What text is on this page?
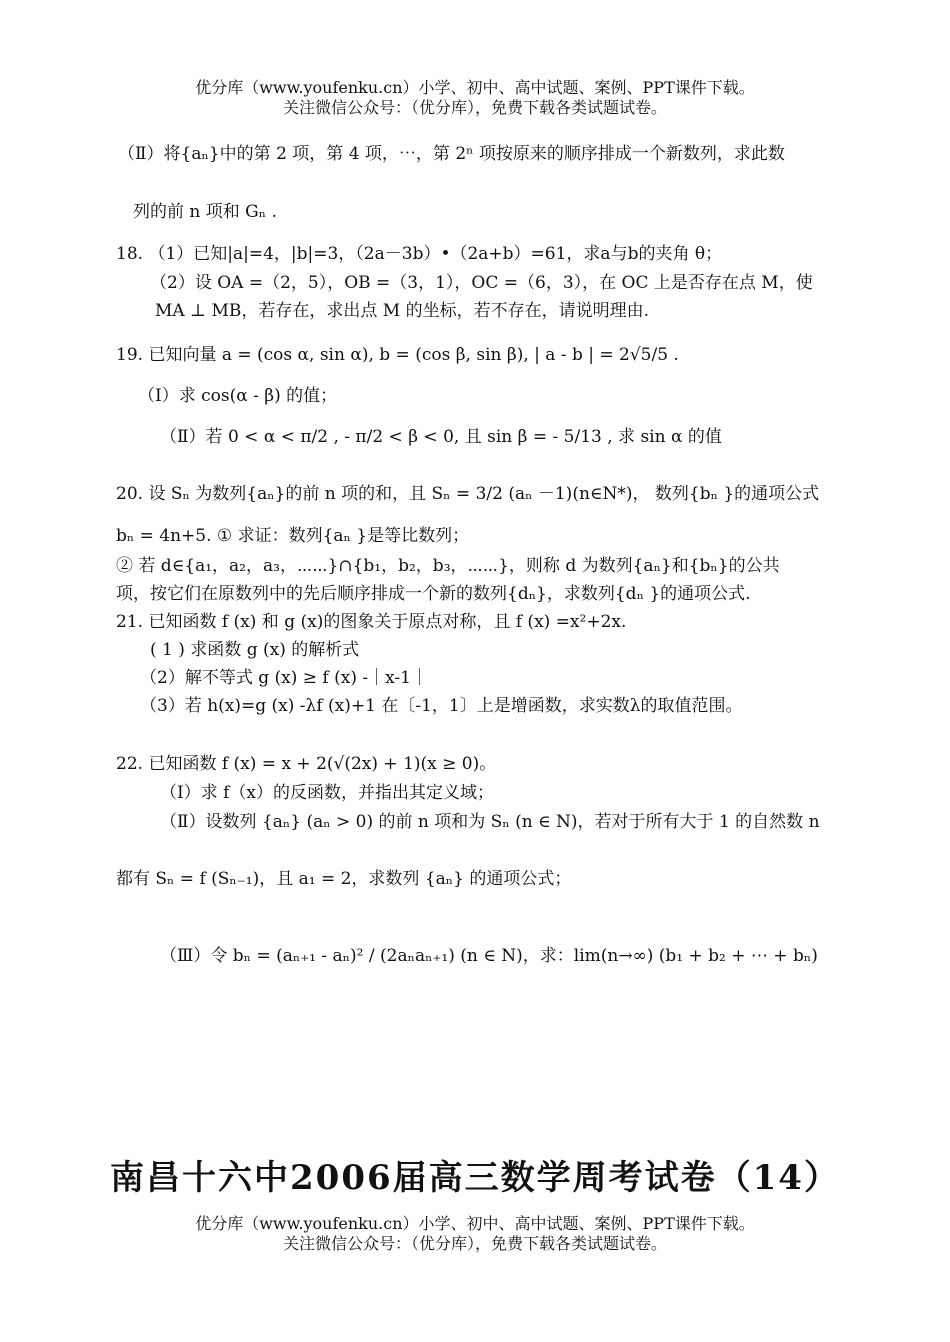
优分库（www.youfenku.cn）小学、初中、高中试题、案例、PPT课件下载。
关注微信公众号：（优分库），免费下载各类试题试卷。
（Ⅱ）将{aₙ}中的第 2 项，第 4 项，⋯，第 2ⁿ 项按原来的顺序排成一个新数列，求此数
列的前 n 项和 Gₙ .
18. （1）已知|a|=4，|b|=3，（2a－3b）•（2a+b）=61，求a与b的夹角 θ；
（2）设 OA =（2，5），OB =（3，1），OC =（6，3），在 OC 上是否存在点 M，使
MA ⊥ MB，若存在，求出点 M 的坐标，若不存在，请说明理由.
19. 已知向量 a = (cos α, sin α), b = (cos β, sin β), | a - b | = 2√5/5 .
（Ⅰ）求 cos(α - β) 的值；
（Ⅱ）若 0 < α < π/2 , - π/2 < β < 0, 且 sin β = - 5/13 , 求 sin α 的值
20. 设 Sₙ 为数列{aₙ}的前 n 项的和，且 Sₙ = 3/2 (aₙ －1)(n∈N*)， 数列{bₙ }的通项公式
bₙ = 4n+5. ① 求证：数列{aₙ }是等比数列；
② 若 d∈{a₁，a₂，a₃，⋯⋯}∩{b₁，b₂，b₃，⋯⋯}，则称 d 为数列{aₙ}和{bₙ}的公共
项，按它们在原数列中的先后顺序排成一个新的数列{dₙ}，求数列{dₙ }的通项公式.
21. 已知函数 f (x) 和 g (x)的图象关于原点对称，且 f (x) =x²+2x.
( 1 ) 求函数 g (x) 的解析式
（2）解不等式 g (x) ≥ f (x) -｜x-1｜
（3）若 h(x)=g (x) -λf (x)+1 在〔-1，1〕上是增函数，求实数λ的取值范围。
22. 已知函数 f (x) = x + 2(√(2x) + 1)(x ≥ 0)。
（Ⅰ）求 f（x）的反函数，并指出其定义域；
（Ⅱ）设数列 {aₙ} (aₙ > 0) 的前 n 项和为 Sₙ (n ∈ N)，若对于所有大于 1 的自然数 n
都有 Sₙ = f (Sₙ₋₁)，且 a₁ = 2，求数列 {aₙ} 的通项公式；
（Ⅲ）令 bₙ = (aₙ₊₁ - aₙ)² / (2aₙaₙ₊₁) (n ∈ N)，求：lim(n→∞) (b₁ + b₂ + ⋯ + bₙ)
南昌十六中2006届高三数学周考试卷（14）
优分库（www.youfenku.cn）小学、初中、高中试题、案例、PPT课件下载。
关注微信公众号：（优分库），免费下载各类试题试卷。
